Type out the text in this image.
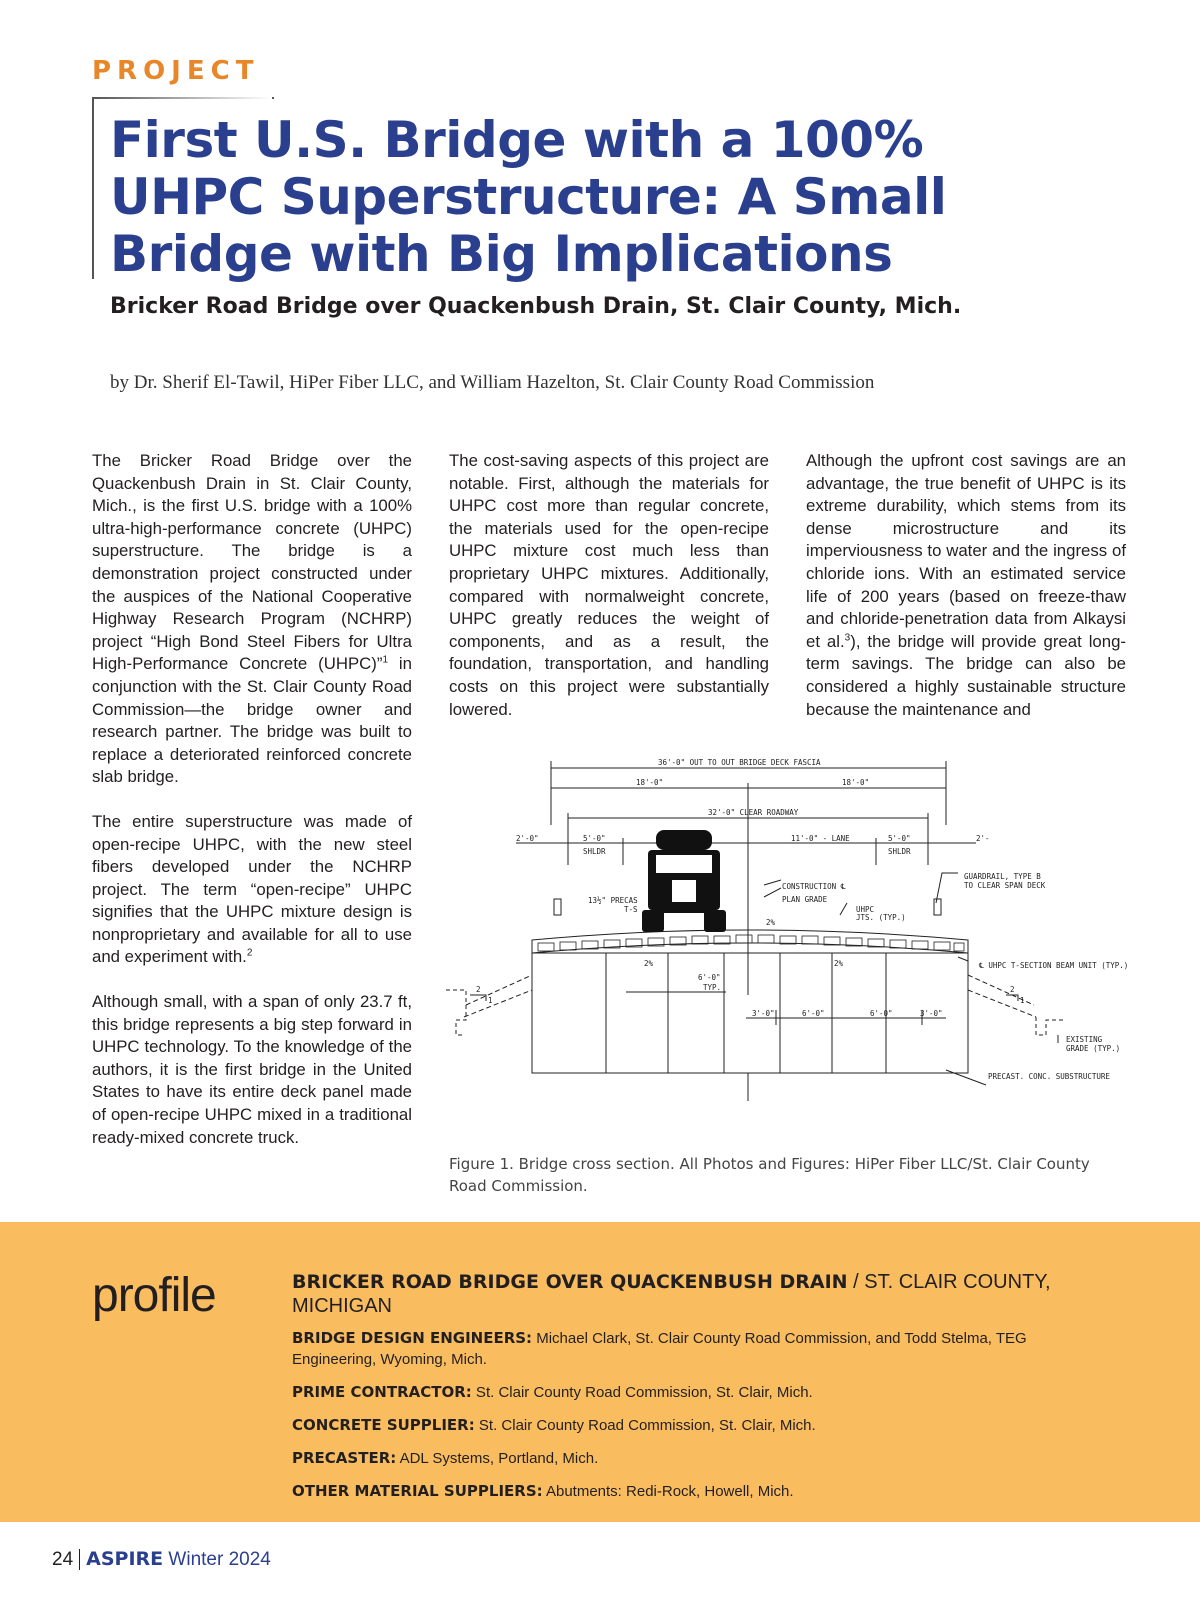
PROJECT
First U.S. Bridge with a 100% UHPC Superstructure: A Small Bridge with Big Implications
Bricker Road Bridge over Quackenbush Drain, St. Clair County, Mich.
by Dr. Sherif El-Tawil, HiPer Fiber LLC, and William Hazelton, St. Clair County Road Commission

The Bricker Road Bridge over the Quackenbush Drain in St. Clair County, Mich., is the first U.S. bridge with a 100% ultra-high-performance concrete (UHPC) superstructure. The bridge is a demonstration project constructed under the auspices of the National Cooperative Highway Research Program (NCHRP) project “High Bond Steel Fibers for Ultra High-Performance Concrete (UHPC)”$^1$ in conjunction with the St. Clair County Road Commission—the bridge owner and research partner. The bridge was built to replace a deteriorated reinforced concrete slab bridge.

The entire superstructure was made of open-recipe UHPC, with the new steel fibers developed under the NCHRP project. The term “open-recipe” UHPC signifies that the UHPC mixture design is nonproprietary and available for all to use and experiment with.$^2$

Although small, with a span of only 23.7 ft, this bridge represents a big step forward in UHPC technology. To the knowledge of the authors, it is the first bridge in the United States to have its entire deck panel made of open-recipe UHPC mixed in a traditional ready-mixed concrete truck.

The cost-saving aspects of this project are notable. First, although the materials for UHPC cost more than regular concrete, the materials used for the open-recipe UHPC mixture cost much less than proprietary UHPC mixtures. Additionally, compared with normalweight concrete, UHPC greatly reduces the weight of components, and as a result, the foundation, transportation, and handling costs on this project were substantially lowered.

Although the upfront cost savings are an advantage, the true benefit of UHPC is its extreme durability, which stems from its dense microstructure and its imperviousness to water and the ingress of chloride ions. With an estimated service life of 200 years (based on freeze-thaw and chloride-penetration data from Alkaysi et al.$^3$), the bridge will provide great long-term savings. The bridge can also be considered a highly sustainable structure because the maintenance and

36'-0" OUT TO OUT BRIDGE DECK FASCIA
18'-0"	18'-0"
32'-0" CLEAR ROADWAY
2'-0"	2'-
5'-0"
SHLDR
11'-0" - LANE	5'-0"
SHLDR
GUARDRAIL, TYPE B
TO CLEAR SPAN DECK
CONSTRUCTION ℄
PLAN GRADE
13½" PRECAS
T-S	UHPC
JTS. (TYP.)
2%
2%	2%	℄ UHPC T-SECTION BEAM UNIT (TYP.)
6'-0"
TYP.
3'-0"	6'-0"	6'-0"	3'-0"
EXISTING
GRADE (TYP.)
PRECAST. CONC. SUBSTRUCTURE
2
1
2
1
Figure 1. Bridge cross section. All Photos and Figures: HiPer Fiber LLC/St. Clair County Road Commission.
profile	BRICKER ROAD BRIDGE OVER QUACKENBUSH DRAIN / ST. CLAIR COUNTY, MICHIGAN
BRIDGE DESIGN ENGINEERS: Michael Clark, St. Clair County Road Commission, and Todd Stelma, TEG Engineering, Wyoming, Mich.
PRIME CONTRACTOR: St. Clair County Road Commission, St. Clair, Mich.
CONCRETE SUPPLIER: St. Clair County Road Commission, St. Clair, Mich.
PRECASTER: ADL Systems, Portland, Mich.
OTHER MATERIAL SUPPLIERS: Abutments: Redi-Rock, Howell, Mich.
24 ASPIRE Winter 2024
